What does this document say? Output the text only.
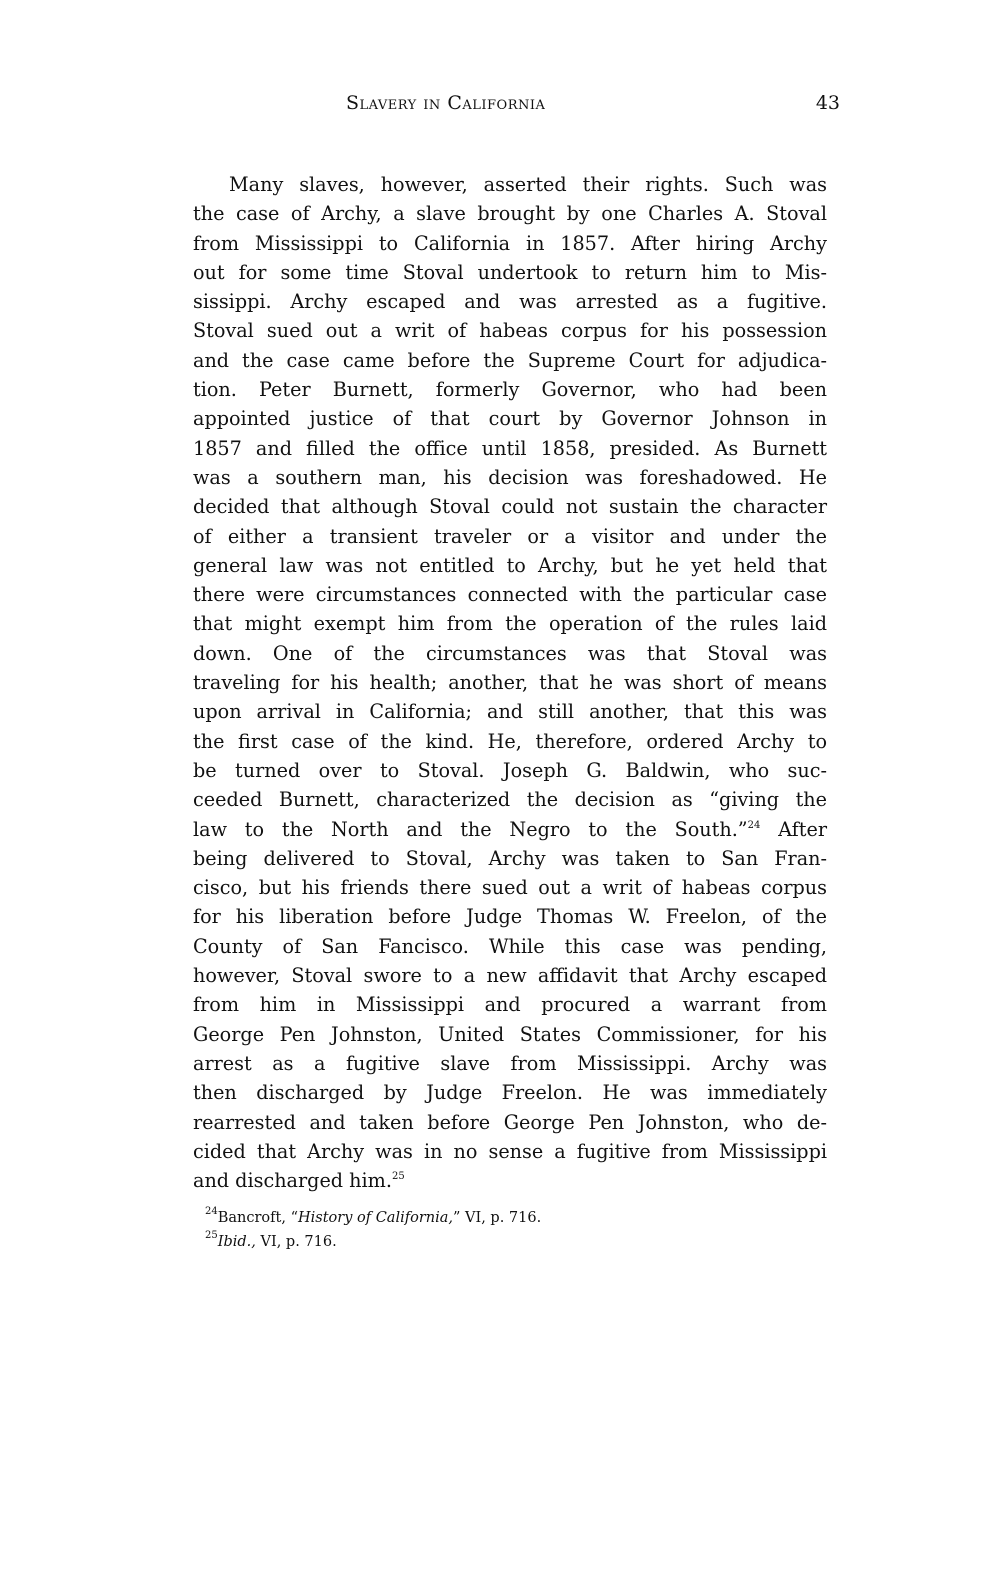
Slavery in California	43
Many slaves, however, asserted their rights. Such was
the case of Archy, a slave brought by one Charles A. Stoval
from Mississippi to California in 1857. After hiring Archy
out for some time Stoval undertook to return him to Mis-
sissippi. Archy escaped and was arrested as a fugitive.
Stoval sued out a writ of habeas corpus for his possession
and the case came before the Supreme Court for adjudica-
tion. Peter Burnett, formerly Governor, who had been
appointed justice of that court by Governor Johnson in
1857 and filled the office until 1858, presided. As Burnett
was a southern man, his decision was foreshadowed. He
decided that although Stoval could not sustain the character
of either a transient traveler or a visitor and under the
general law was not entitled to Archy, but he yet held that
there were circumstances connected with the particular case
that might exempt him from the operation of the rules laid
down. One of the circumstances was that Stoval was
traveling for his health; another, that he was short of means
upon arrival in California; and still another, that this was
the first case of the kind. He, therefore, ordered Archy to
be turned over to Stoval. Joseph G. Baldwin, who suc-
ceeded Burnett, characterized the decision as “giving the
law to the North and the Negro to the South.”$^{24}$ After
being delivered to Stoval, Archy was taken to San Fran-
cisco, but his friends there sued out a writ of habeas corpus
for his liberation before Judge Thomas W. Freelon, of the
County of San Fancisco. While this case was pending,
however, Stoval swore to a new affidavit that Archy escaped
from him in Mississippi and procured a warrant from
George Pen Johnston, United States Commissioner, for his
arrest as a fugitive slave from Mississippi. Archy was
then discharged by Judge Freelon. He was immediately
rearrested and taken before George Pen Johnston, who de-
cided that Archy was in no sense a fugitive from Mississippi
and discharged him.$^{25}$
$^{24}$Bancroft, “History of California,” VI, p. 716.
$^{25}$Ibid., VI, p. 716.
